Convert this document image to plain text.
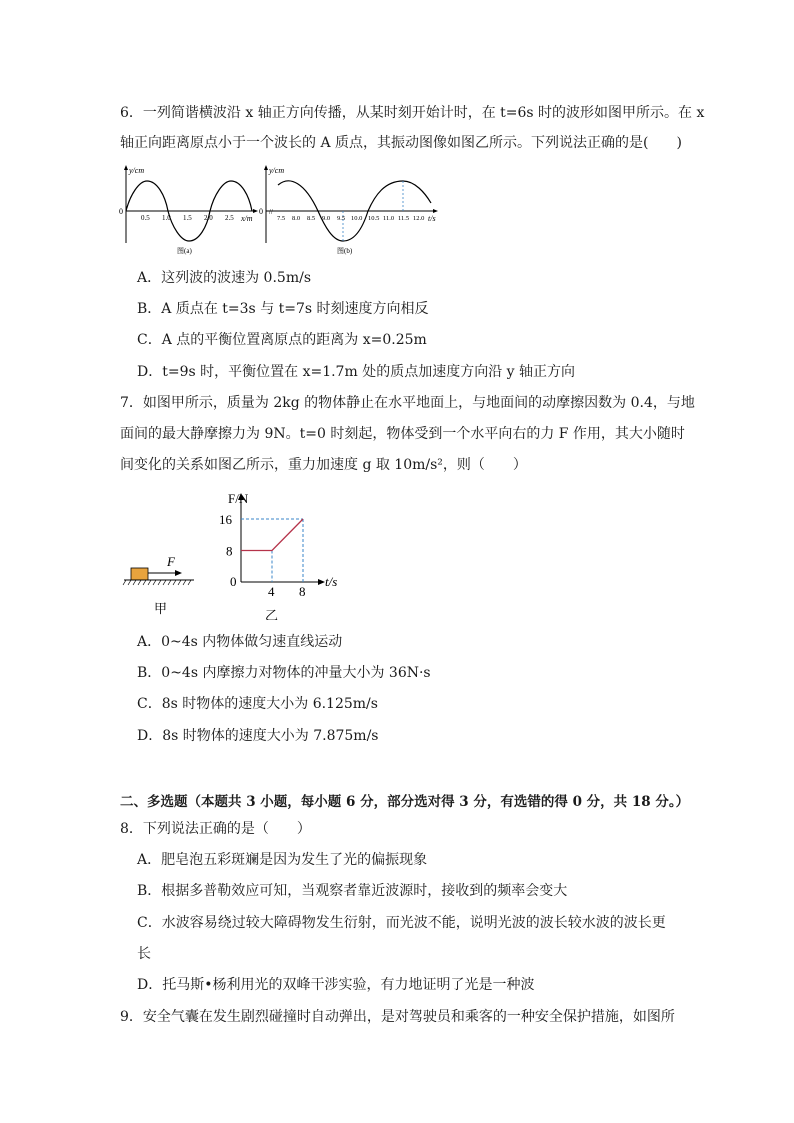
6．一列简谐横波沿 x 轴正方向传播，从某时刻开始计时，在 t=6s 时的波形如图甲所示。在 x
轴正向距离原点小于一个波长的 A 质点，其振动图像如图乙所示。下列说法正确的是(　　)
y/cm
0
x/m
0.5 1.0 1.5 2.0 2.5
图(a)
y/cm
0 //
t/s
7.5 8.0 8.5 9.0 9.5 10.0 10.5 11.0 11.5 12.0
图(b)
A．这列波的波速为 0.5m/s
B．A 质点在 t=3s 与 t=7s 时刻速度方向相反
C．A 点的平衡位置离原点的距离为 x=0.25m
D．t=9s 时，平衡位置在 x=1.7m 处的质点加速度方向沿 y 轴正方向
7．如图甲所示，质量为 2kg 的物体静止在水平地面上，与地面间的动摩擦因数为 0.4，与地
面间的最大静摩擦力为 9N。t=0 时刻起，物体受到一个水平向右的力 F 作用，其大小随时
间变化的关系如图乙所示，重力加速度 g 取 10m/s²，则（　　）
F
甲
4 8
8
16
F/N
t/s
0
乙
A．0~4s 内物体做匀速直线运动
B．0~4s 内摩擦力对物体的冲量大小为 36N·s
C．8s 时物体的速度大小为 6.125m/s
D．8s 时物体的速度大小为 7.875m/s
二、多选题（本题共 3 小题，每小题 6 分，部分选对得 3 分，有选错的得 0 分，共 18 分。）
8．下列说法正确的是（　　）
A．肥皂泡五彩斑斓是因为发生了光的偏振现象
B．根据多普勒效应可知，当观察者靠近波源时，接收到的频率会变大
C．水波容易绕过较大障碍物发生衍射，而光波不能，说明光波的波长较水波的波长更
长
D．托马斯•杨利用光的双峰干涉实验，有力地证明了光是一种波
9．安全气囊在发生剧烈碰撞时自动弹出，是对驾驶员和乘客的一种安全保护措施，如图所
